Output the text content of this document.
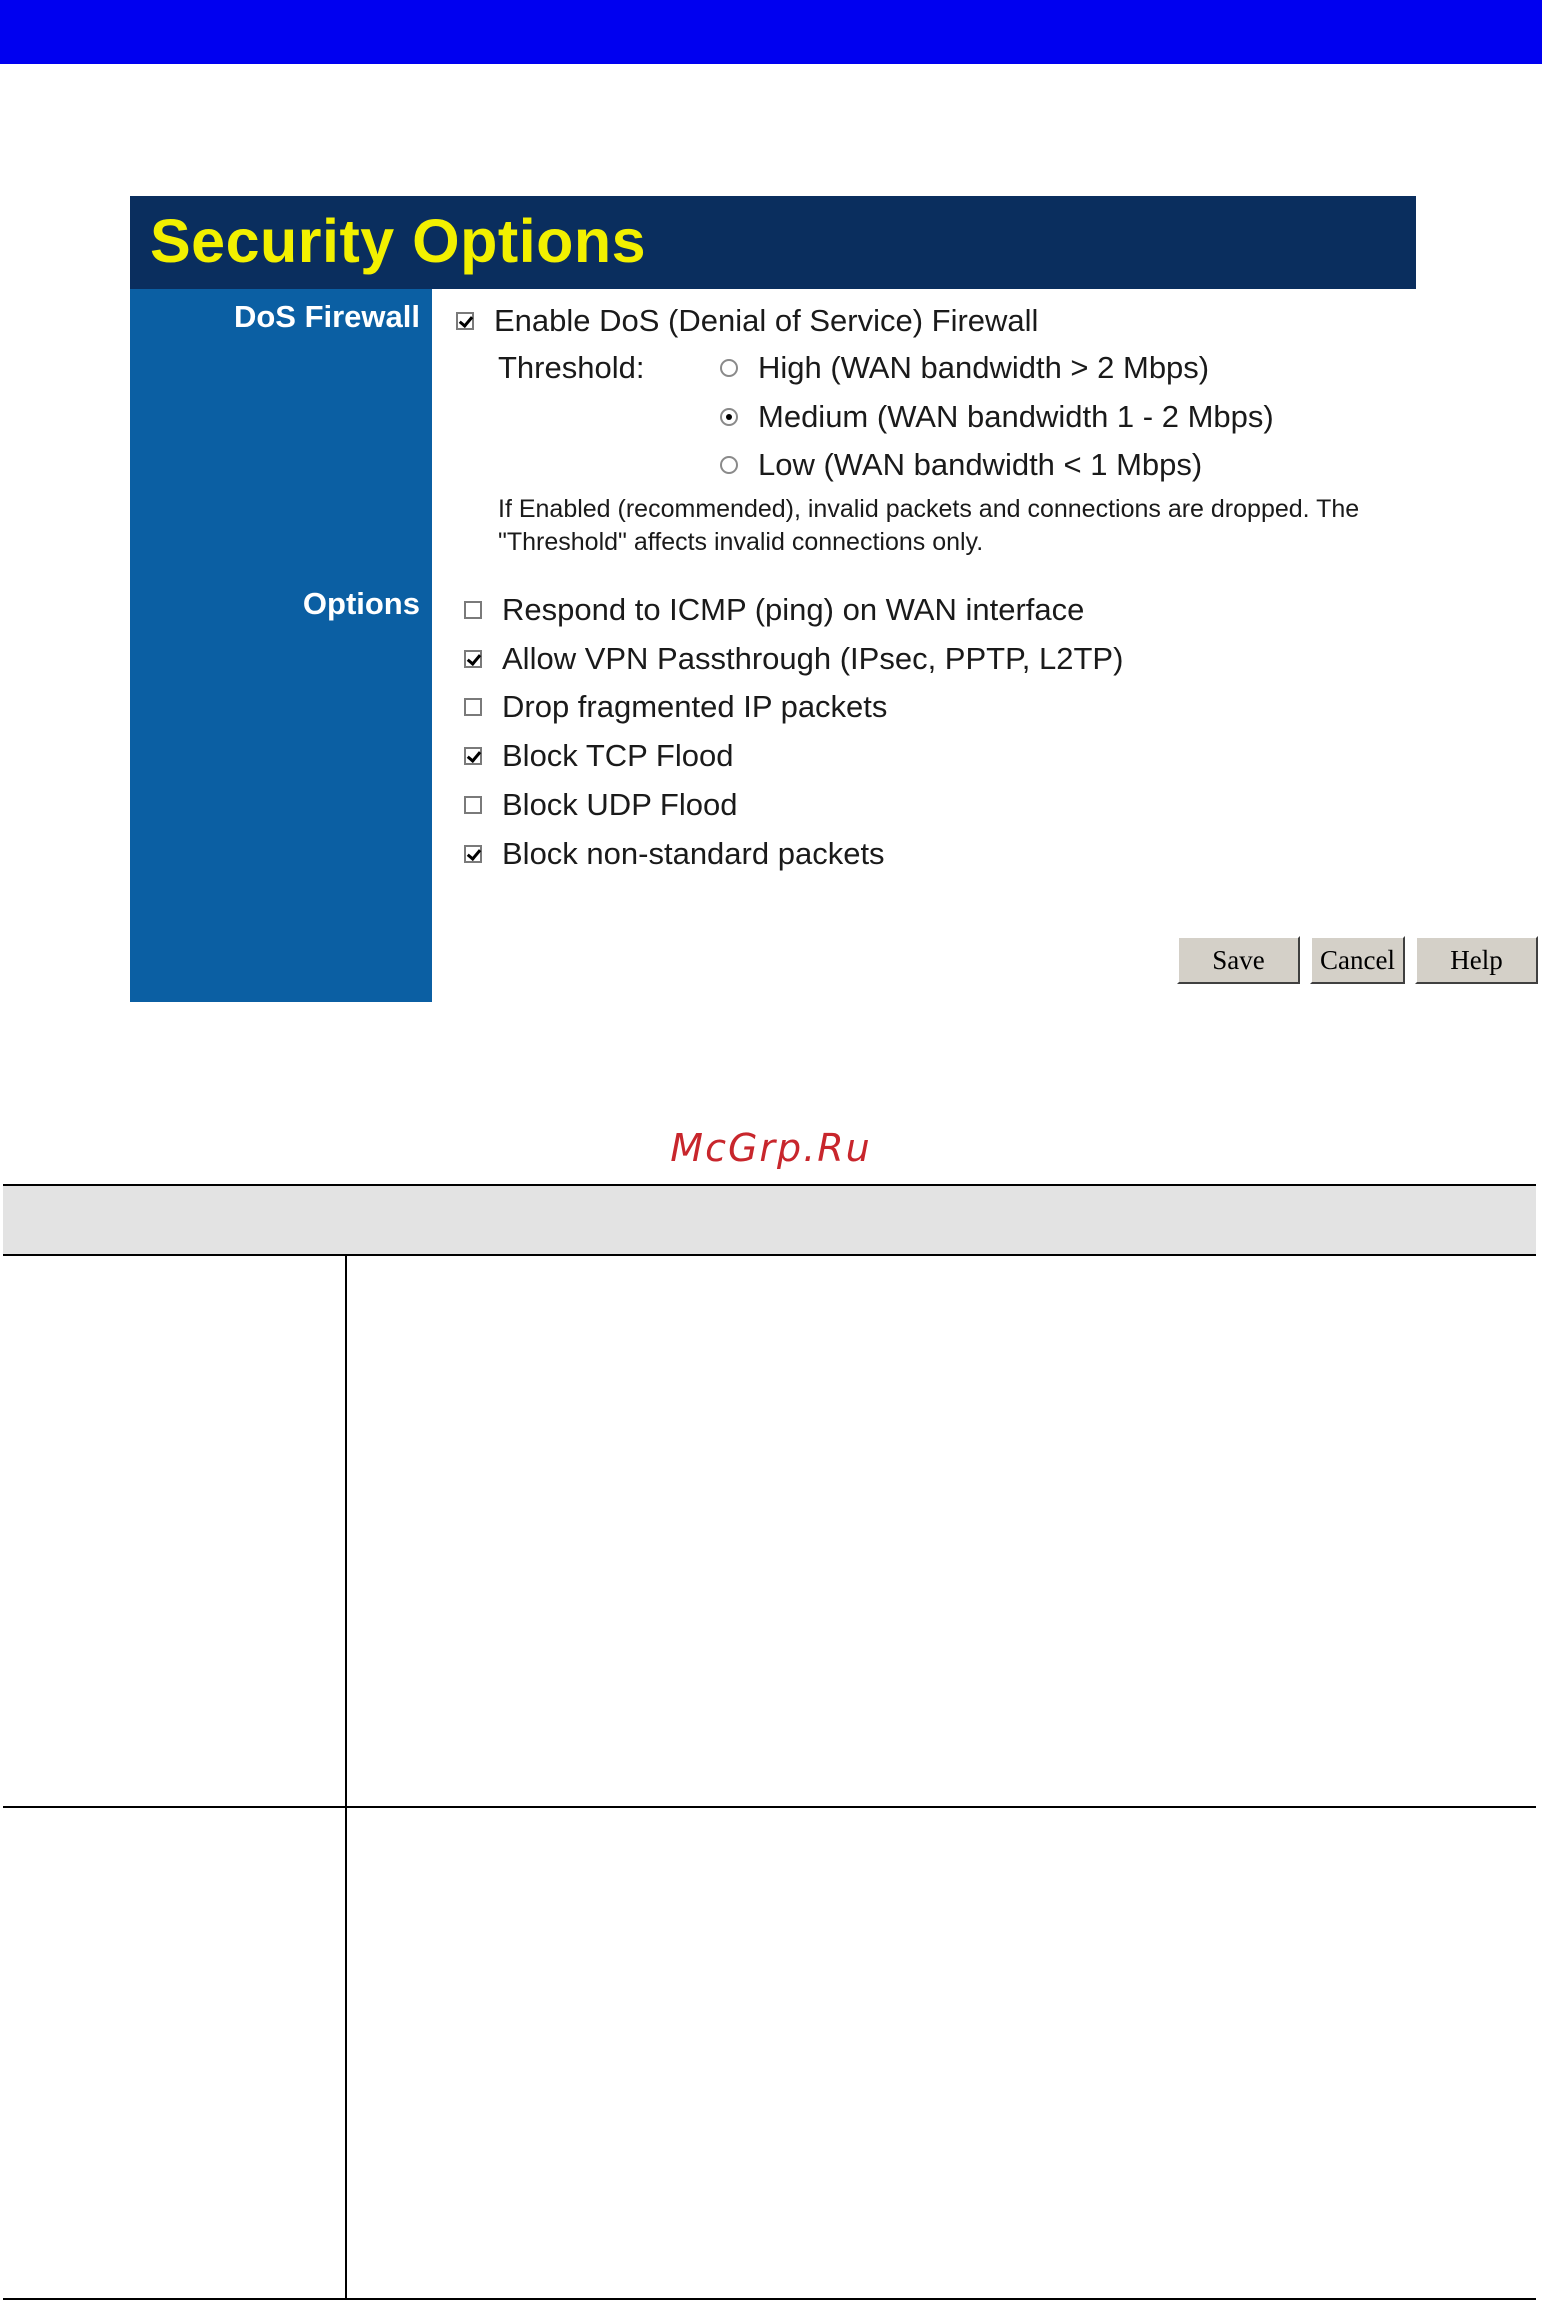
Security Options
DoS Firewall
Options
Enable DoS (Denial of Service) Firewall
Threshold:	High (WAN bandwidth > 2 Mbps)
Medium (WAN bandwidth 1 - 2 Mbps)
Low (WAN bandwidth < 1 Mbps)
If Enabled (recommended), invalid packets and connections are dropped. The
"Threshold" affects invalid connections only.
Respond to ICMP (ping) on WAN interface
Allow VPN Passthrough (IPsec, PPTP, L2TP)
Drop fragmented IP packets
Block TCP Flood
Block UDP Flood
Block non-standard packets
Save	Cancel	Help
McGrp.Ru
